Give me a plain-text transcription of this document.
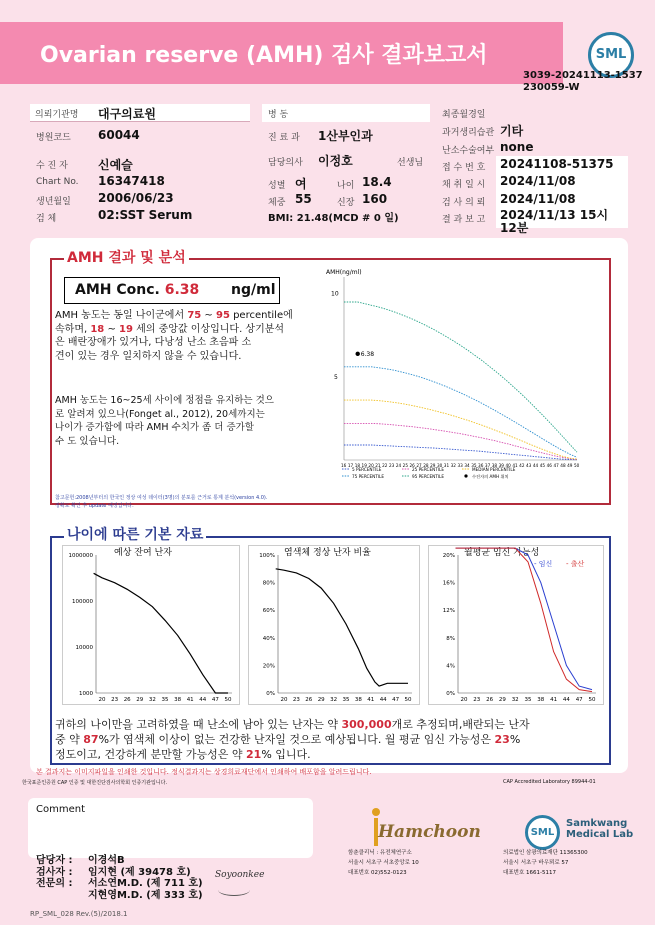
Ovarian reserve (AMH) 검사 결과보고서	SML
3039-20241113-1537
230059-W
의뢰기관명 대구의료원
병원코드 60044
수 진 자	신예슬
Chart No. 16347418
생년월일 2006/06/23
검 체	02:SST Serum
병 동
진 료 과 1산부인과
담당의사 이정호	선생님
성별 여	나이 18.4
체중 55	신장 160
BMI: 21.48(MCD # 0 일)
최종월경일
과거생리습관 기타
난소수술여부 none
접 수 번 호 20241108-51375
채 취 일 시 2024/11/08
검 사 의 뢰 2024/11/08
결 과 보 고 2024/11/13 15시 12분
AMH 결과 및 분석
AMH Conc. 6.38 ng/ml
AMH 농도는 동일 나이군에서 75 ~ 95 percentile에
속하며, 18 ~ 19 세의 중앙값 이상입니다. 상기분석
은 배란장애가 있거나, 다낭성 난소 초음파 소
견이 있는 경우 일치하지 않을 수 있습니다.
AMH 농도는 16~25세 사이에 정점을 유지하는 것으
로 알려져 있으나(Fonget al., 2012), 20세까지는
나이가 증가함에 따라 AMH 수치가 좀 더 증가할
수 도 있습니다.
참고문헌:2008년부터의 한국인 정상 여성 데이터(3명)의 분포를 근거로 통계 분석(version 4.0).
정확도 확인 후 update 예정입니다.
AMH(ng/ml)
10
5
16 17 18 19 20 21 22 23 24 25 26 27 28 29 30 31 32 33 34 35 36 37 38 39 40 41 42 43 44 45 46 47 48 49 50
6.38
5 PERCENTILE	25 PERCENTILE	MEDIAN PERCENTILE
75 PERCENTILE	95 PERCENTILE	수진자의 AMH 위치
나이에 따른 기본 자료
1000000
100000
10000
1000
20 23 26 29 32 35 38 41 44 47 50
예상 잔여 난자	100%
80%
60%
40%
20%
0%
20 23 26 29 32 35 38 41 44 47 50
염색체 정상 난자 비율	20%
16%
12%
8%
4%
0%
20 23 26 29 32 35 38 41 44 47 50
월평균 임신 가능성
- 임신 - 출산
귀하의 나이만을 고려하였을 때 난소에 남아 있는 난자는 약 300,000개로 추정되며,배란되는 난자
중 약 87%가 염색체 이상이 없는 건강한 난자일 것으로 예상됩니다. 월 평균 임신 가능성은 23%
정도이고, 건강하게 분만할 가능성은 약 21% 입니다.
본 결과지는 이미지파일을 인쇄한 것입니다. 정식결과지는 상경희료재단에서 인쇄하여 배포함을 알려드립니다.
한국표준인증원 CAP 인증 및 대한진단검사의학회 인증기관입니다.	CAP Accredited Laboratory 89944-01
Comment
담당자 : 이경석B
검사자 : 임지현 (제 39478 호)
전문의 : 서소연M.D. (제 711 호)
지현영M.D. (제 333 호)
Soyoonkee
Hamchoon
함춘클리닉 : 유전체연구소
서울시 서초구 서초중앙로 10
대표번호 02)552-0123
SML
Samkwang
Medical Lab
의료법인 삼광의료재단 11365300
서울시 서초구 바우뫼로 57
대표번호 1661-5117
RP_SML_028 Rev.(5)/2018.1
